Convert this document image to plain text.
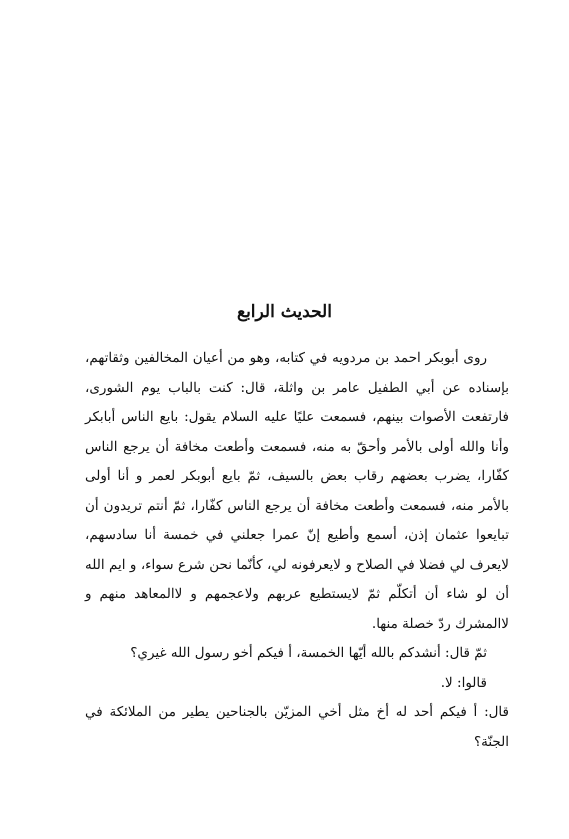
الحديث الرابع

روى أبوبكر احمد بن مردويه في كتابه، وهو من أعيان المخالفين وثقاتهم، بإسناده عن أبي الطفيل عامر بن واثلة، قال: كنت بالباب يوم الشورى، فارتفعت الأصوات بينهم، فسمعت عليًا عليه السلام يقول: بايع الناس أبابكر وأنا والله أولى بالأمر وأحقّ به منه، فسمعت وأطعت مخافة أن يرجع الناس كفّارا، يضرب بعضهم رقاب بعض بالسيف، ثمّ بايع أبوبكر لعمر و أنا أولى بالأمر منه، فسمعت وأطعت مخافة أن يرجع الناس كفّارا، ثمّ أنتم تريدون أن تبايعوا عثمان إذن، أسمع وأطيع إنّ عمرا جعلني في خمسة أنا سادسهم، لايعرف لي فضلا في الصلاح و لايعرفونه لي، كأنّما نحن شرع سواء، و ايم الله أن لو شاء أن أتكلّم ثمّ لايستطيع عربهم ولاعجمهم و لاالمعاهد منهم و لاالمشرك ردّ خصلة منها.

ثمّ قال: أنشدكم بالله أيّها الخمسة، أ فيكم أخو رسول الله غيري؟

قالوا: لا.

قال: أ فيكم أحد له أخ مثل أخي المزيّن بالجناحين يطير من الملائكة في الجنّة؟
